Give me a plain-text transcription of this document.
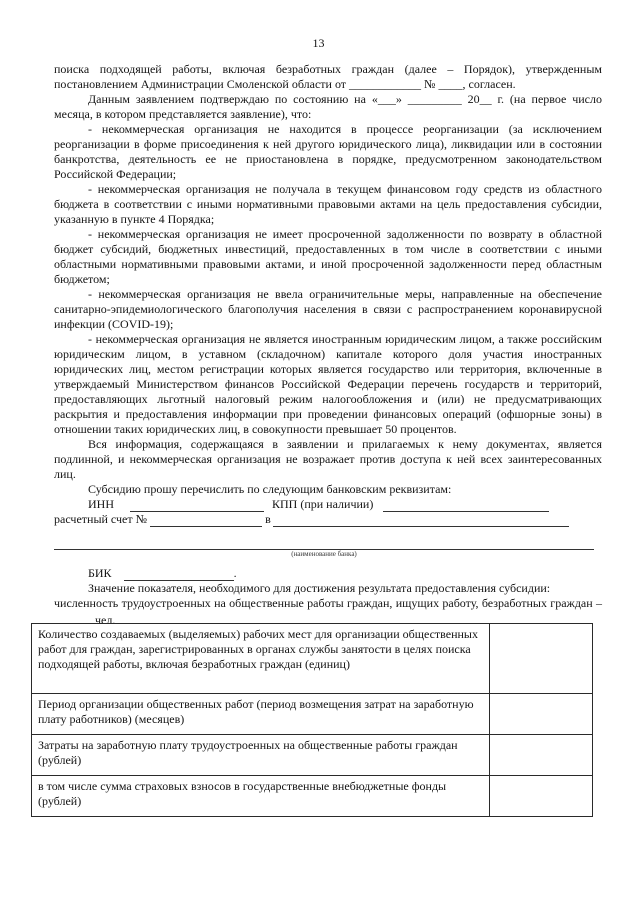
13

поиска подходящей работы, включая безработных граждан (далее – Порядок), утвержденным постановлением Администрации Смоленской области от ____________ № ____, согласен.

Данным заявлением подтверждаю по состоянию на «___» _________ 20__ г. (на первое число месяца, в котором представляется заявление), что:

- некоммерческая организация не находится в процессе реорганизации (за исключением реорганизации в форме присоединения к ней другого юридического лица), ликвидации или в состоянии банкротства, деятельность ее не приостановлена в порядке, предусмотренном законодательством Российской Федерации;

- некоммерческая организация не получала в текущем финансовом году средств из областного бюджета в соответствии с иными нормативными правовыми актами на цель предоставления субсидии, указанную в пункте 4 Порядка;

- некоммерческая организация не имеет просроченной задолженности по возврату в областной бюджет субсидий, бюджетных инвестиций, предоставленных в том числе в соответствии с иными областными нормативными правовыми актами, и иной просроченной задолженности перед областным бюджетом;

- некоммерческая организация не ввела ограничительные меры, направленные на обеспечение санитарно-эпидемиологического благополучия населения в связи с распространением коронавирусной инфекции (COVID-19);

- некоммерческая организация не является иностранным юридическим лицом, а также российским юридическим лицом, в уставном (складочном) капитале которого доля участия иностранных юридических лиц, местом регистрации которых является государство или территория, включенные в утверждаемый Министерством финансов Российской Федерации перечень государств и территорий, предоставляющих льготный налоговый режим налогообложения и (или) не предусматривающих раскрытия и предоставления информации при проведении финансовых операций (офшорные зоны) в отношении таких юридических лиц, в совокупности превышает 50 процентов.

Вся информация, содержащаяся в заявлении и прилагаемых к нему документах, является подлинной, и некоммерческая организация не возражает против доступа к ней всех заинтересованных лиц.

Субсидию прошу перечислить по следующим банковским реквизитам:

ИНН	КПП (при наличии)
расчетный счет №	в
(наименование банка)
БИК	.

Значение показателя, необходимого для достижения результата предоставления субсидии:

численность трудоустроенных на общественные работы граждан, ищущих работу, безработных граждан –  чел.

Количество создаваемых (выделяемых) рабочих мест для организации общественных работ для граждан, зарегистрированных в органах службы занятости в целях поиска подходящей работы, включая безработных граждан (единиц)	
Период организации общественных работ (период возмещения затрат на заработную плату работников) (месяцев)	
Затраты на заработную плату трудоустроенных на общественные работы граждан (рублей)	
в том числе сумма страховых взносов в государственные внебюджетные фонды (рублей)	
